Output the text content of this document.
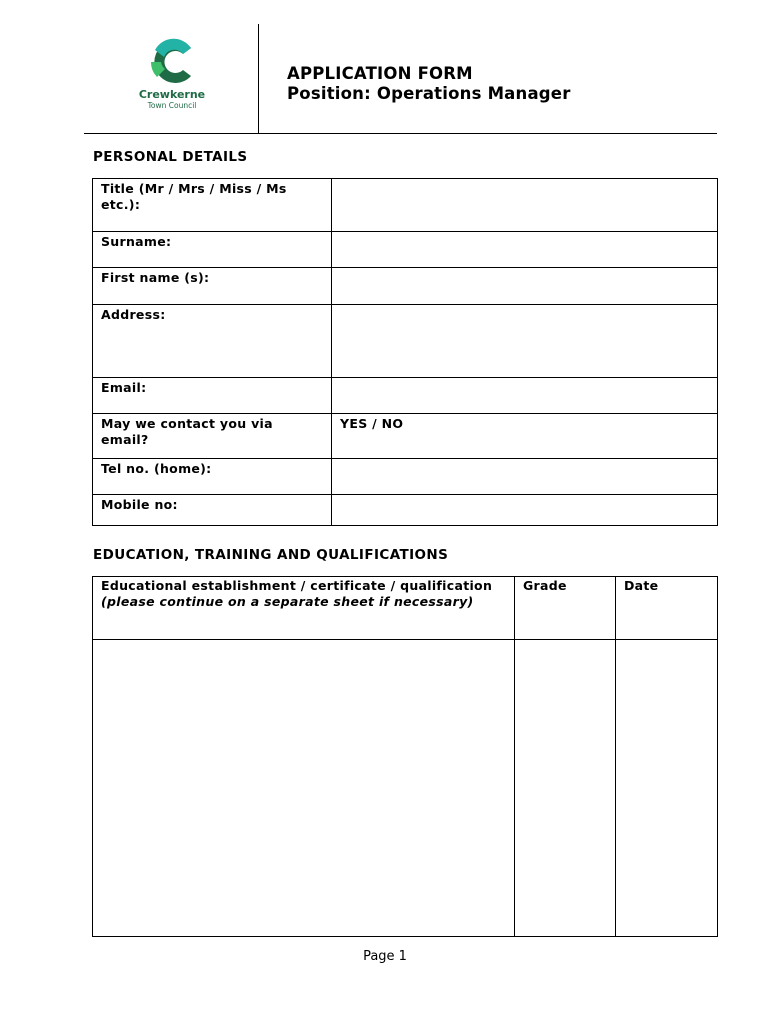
Crewkerne
Town Council
APPLICATION FORM
Position: Operations Manager
PERSONAL DETAILS
Title (Mr / Mrs / Miss / Ms etc.):	
Surname:	
First name (s):	
Address:	
Email:	
May we contact you via email?	YES / NO
Tel no. (home):	
Mobile no:	
EDUCATION, TRAINING AND QUALIFICATIONS
Educational establishment / certificate / qualification
(please continue on a separate sheet if necessary)	Grade	Date

Page 1
